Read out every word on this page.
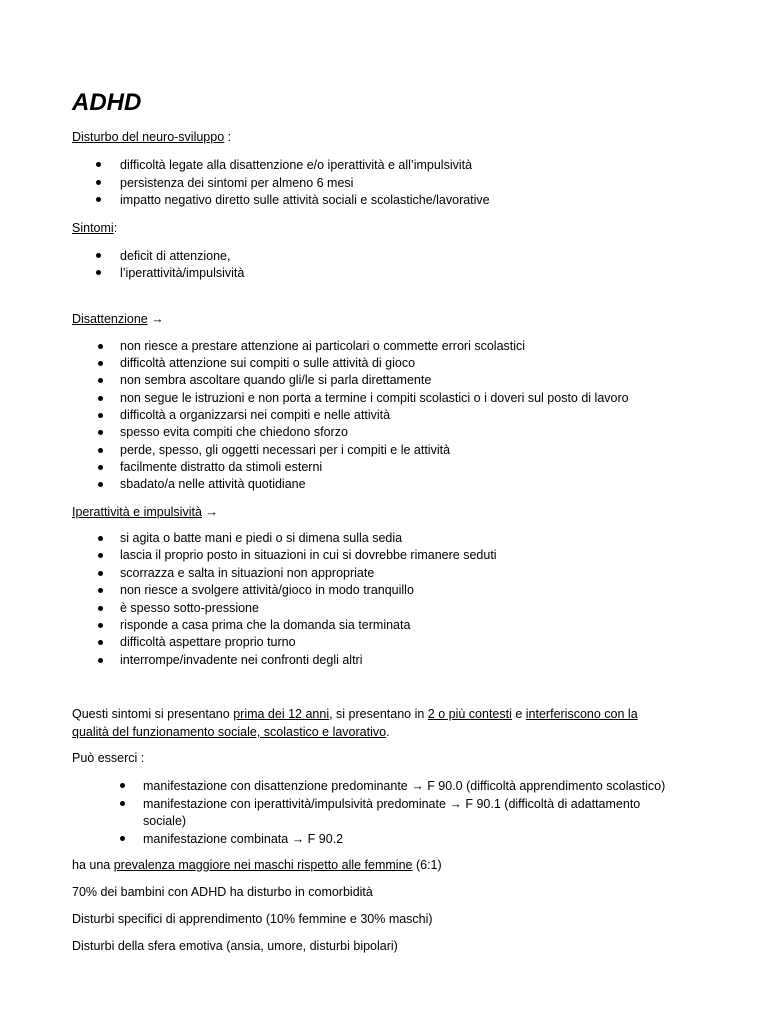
ADHD
Disturbo del neuro-sviluppo :
difficoltà legate alla disattenzione e/o iperattività e all’impulsività
persistenza dei sintomi per almeno 6 mesi
impatto negativo diretto sulle attività sociali e scolastiche/lavorative
Sintomi:
deficit di attenzione,
l’iperattività/impulsività
Disattenzione →
non riesce a prestare attenzione ai particolari o commette errori scolastici
difficoltà attenzione sui compiti o sulle attività di gioco
non sembra ascoltare quando gli/le si parla direttamente
non segue le istruzioni e non porta a termine i compiti scolastici o i doveri sul posto di lavoro
difficoltà a organizzarsi nei compiti e nelle attività
spesso evita compiti che chiedono sforzo
perde, spesso, gli oggetti necessari per i compiti e le attività
facilmente distratto da stimoli esterni
sbadato/a nelle attività quotidiane
Iperattività e impulsività →
si agita o batte mani e piedi o si dimena sulla sedia
lascia il proprio posto in situazioni in cui si dovrebbe rimanere seduti
scorrazza e salta in situazioni non appropriate
non riesce a svolgere attività/gioco in modo tranquillo
è spesso sotto-pressione
risponde a casa prima che la domanda sia terminata
difficoltà aspettare proprio turno
interrompe/invadente nei confronti degli altri
Questi sintomi si presentano prima dei 12 anni, si presentano in 2 o più contesti e interferiscono con la
qualità del funzionamento sociale, scolastico e lavorativo.
Può esserci :
manifestazione con disattenzione predominante → F 90.0 (difficoltà apprendimento scolastico)
manifestazione con iperattività/impulsività predominate → F 90.1 (difficoltà di adattamento
sociale)
manifestazione combinata → F 90.2
ha una prevalenza maggiore nei maschi rispetto alle femmine (6:1)
70% dei bambini con ADHD ha disturbo in comorbidità
Disturbi specifici di apprendimento (10% femmine e 30% maschi)
Disturbi della sfera emotiva (ansia, umore, disturbi bipolari)
